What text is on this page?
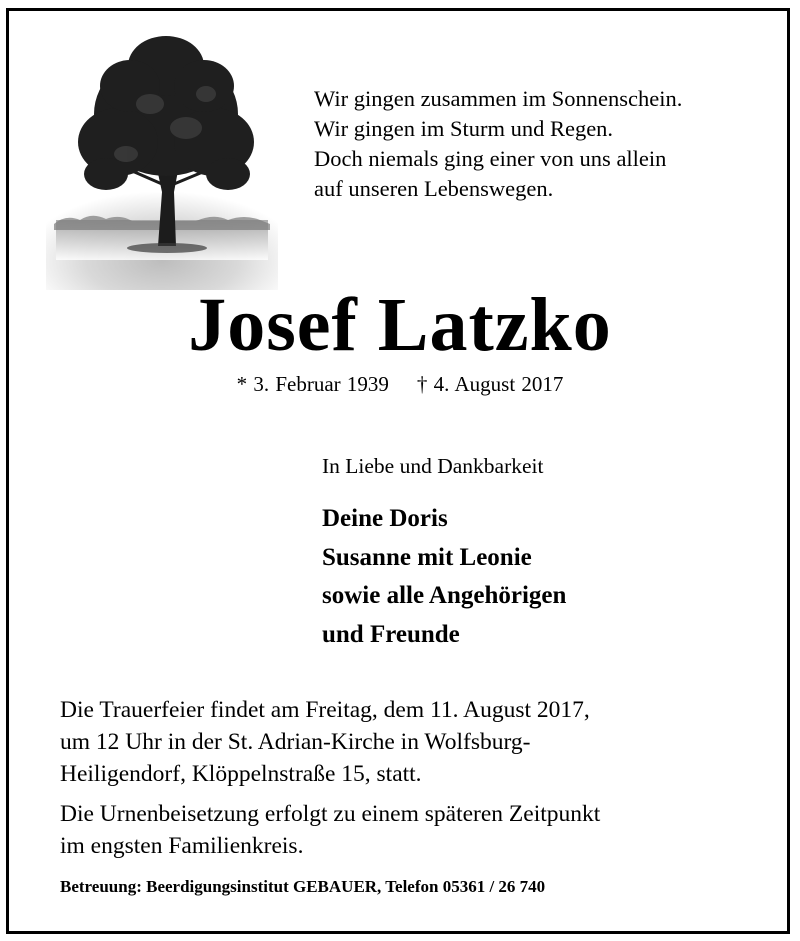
Wir gingen zusammen im Sonnenschein.
Wir gingen im Sturm und Regen.
Doch niemals ging einer von uns allein
auf unseren Lebenswegen.
Josef Latzko
* 3. Februar 1939 † 4. August 2017
In Liebe und Dankbarkeit
Deine Doris
Susanne mit Leonie
sowie alle Angehörigen
und Freunde
Die Trauerfeier findet am Freitag, dem 11. August 2017,
um 12 Uhr in der St. Adrian-Kirche in Wolfsburg-
Heiligendorf, Klöppelnstraße 15, statt.
Die Urnenbeisetzung erfolgt zu einem späteren Zeitpunkt
im engsten Familienkreis.
Betreuung: Beerdigungsinstitut GEBAUER, Telefon 05361 / 26 740
